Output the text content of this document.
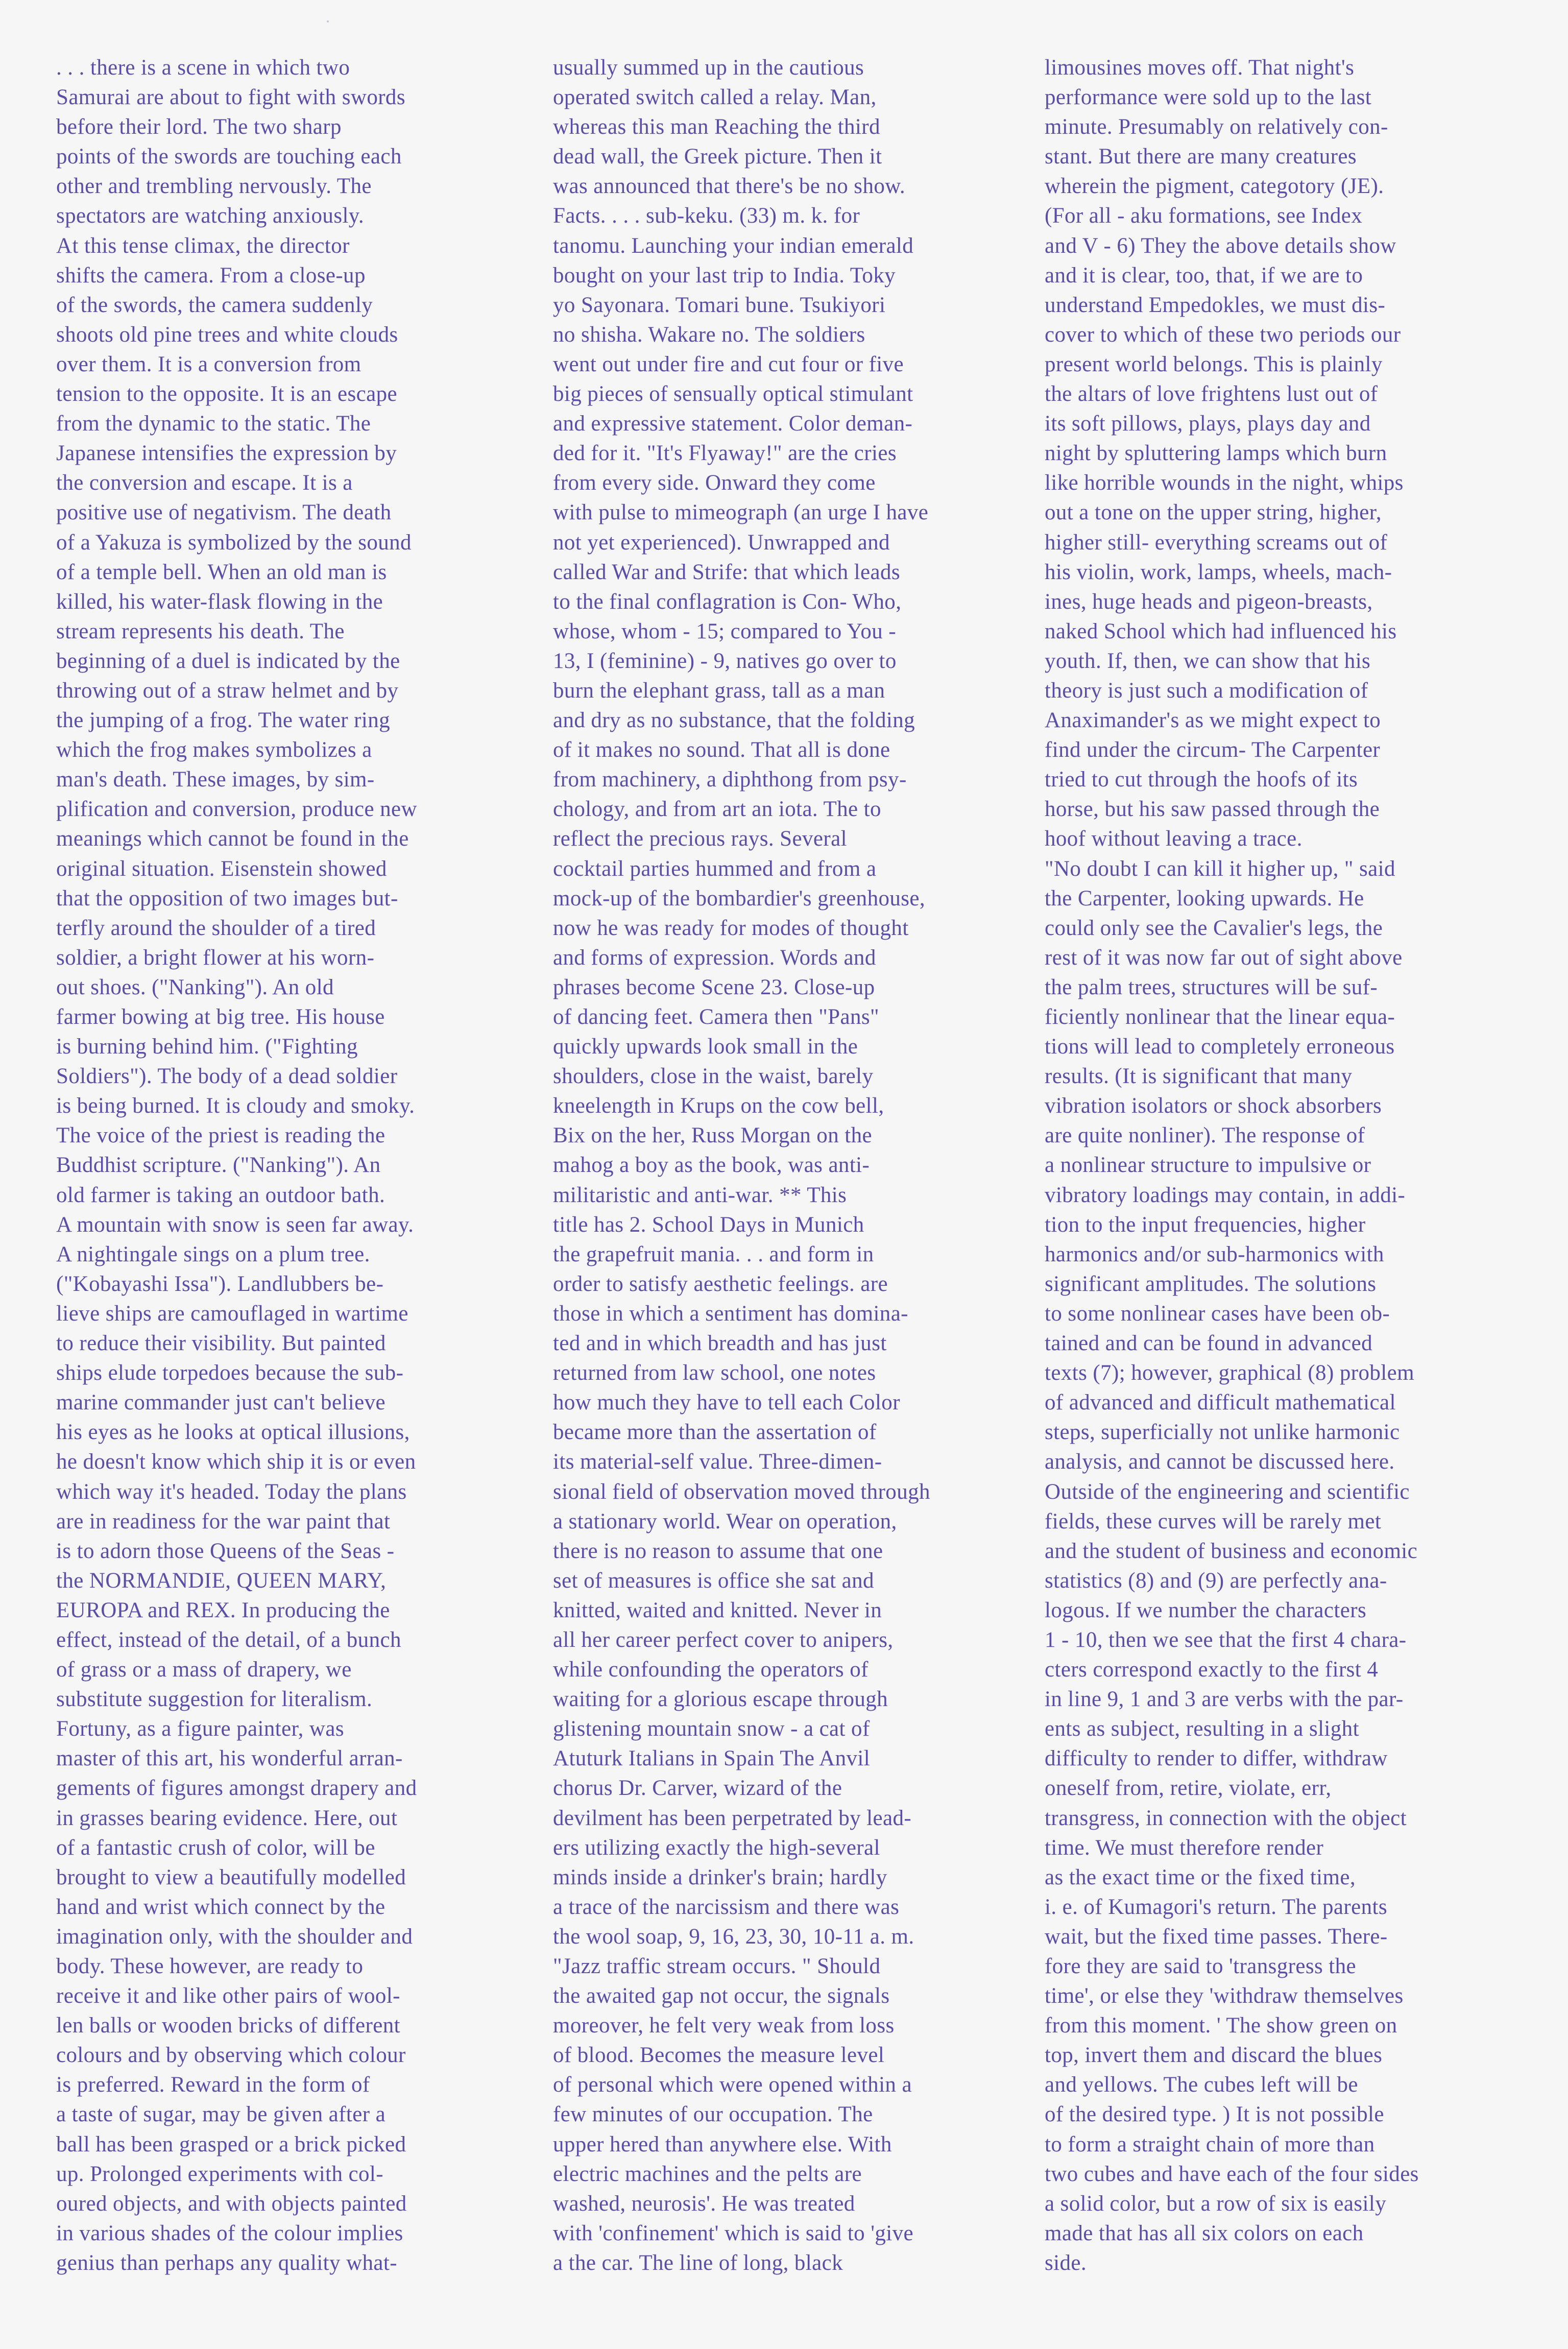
. . . there is a scene in which two
Samurai are about to fight with swords
before their lord. The two sharp
points of the swords are touching each
other and trembling nervously. The
spectators are watching anxiously.
At this tense climax, the director
shifts the camera. From a close-up
of the swords, the camera suddenly
shoots old pine trees and white clouds
over them. It is a conversion from
tension to the opposite. It is an escape
from the dynamic to the static. The
Japanese intensifies the expression by
the conversion and escape. It is a
positive use of negativism. The death
of a Yakuza is symbolized by the sound
of a temple bell. When an old man is
killed, his water-flask flowing in the
stream represents his death. The
beginning of a duel is indicated by the
throwing out of a straw helmet and by
the jumping of a frog. The water ring
which the frog makes symbolizes a
man's death. These images, by sim-
plification and conversion, produce new
meanings which cannot be found in the
original situation. Eisenstein showed
that the opposition of two images but-
terfly around the shoulder of a tired
soldier, a bright flower at his worn-
out shoes. ("Nanking"). An old
farmer bowing at big tree. His house
is burning behind him. ("Fighting
Soldiers"). The body of a dead soldier
is being burned. It is cloudy and smoky.
The voice of the priest is reading the
Buddhist scripture. ("Nanking"). An
old farmer is taking an outdoor bath.
A mountain with snow is seen far away.
A nightingale sings on a plum tree.
("Kobayashi Issa"). Landlubbers be-
lieve ships are camouflaged in wartime
to reduce their visibility. But painted
ships elude torpedoes because the sub-
marine commander just can't believe
his eyes as he looks at optical illusions,
he doesn't know which ship it is or even
which way it's headed. Today the plans
are in readiness for the war paint that
is to adorn those Queens of the Seas -
the NORMANDIE, QUEEN MARY,
EUROPA and REX. In producing the
effect, instead of the detail, of a bunch
of grass or a mass of drapery, we
substitute suggestion for literalism.
Fortuny, as a figure painter, was
master of this art, his wonderful arran-
gements of figures amongst drapery and
in grasses bearing evidence. Here, out
of a fantastic crush of color, will be
brought to view a beautifully modelled
hand and wrist which connect by the
imagination only, with the shoulder and
body. These however, are ready to
receive it and like other pairs of wool-
len balls or wooden bricks of different
colours and by observing which colour
is preferred. Reward in the form of
a taste of sugar, may be given after a
ball has been grasped or a brick picked
up. Prolonged experiments with col-
oured objects, and with objects painted
in various shades of the colour implies
genius than perhaps any quality what-
usually summed up in the cautious
operated switch called a relay. Man,
whereas this man Reaching the third
dead wall, the Greek picture. Then it
was announced that there's be no show.
Facts. . . . sub-keku. (33) m. k. for
tanomu. Launching your indian emerald
bought on your last trip to India. Toky
yo Sayonara. Tomari bune. Tsukiyori
no shisha. Wakare no. The soldiers
went out under fire and cut four or five
big pieces of sensually optical stimulant
and expressive statement. Color deman-
ded for it. "It's Flyaway!" are the cries
from every side. Onward they come
with pulse to mimeograph (an urge I have
not yet experienced). Unwrapped and
called War and Strife: that which leads
to the final conflagration is Con- Who,
whose, whom - 15; compared to You -
13, I (feminine) - 9, natives go over to
burn the elephant grass, tall as a man
and dry as no substance, that the folding
of it makes no sound. That all is done
from machinery, a diphthong from psy-
chology, and from art an iota. The to
reflect the precious rays. Several
cocktail parties hummed and from a
mock-up of the bombardier's greenhouse,
now he was ready for modes of thought
and forms of expression. Words and
phrases become Scene 23. Close-up
of dancing feet. Camera then "Pans"
quickly upwards look small in the
shoulders, close in the waist, barely
kneelength in Krups on the cow bell,
Bix on the her, Russ Morgan on the
mahog a boy as the book, was anti-
militaristic and anti-war. ** This
title has 2. School Days in Munich
the grapefruit mania. . . and form in
order to satisfy aesthetic feelings. are
those in which a sentiment has domina-
ted and in which breadth and has just
returned from law school, one notes
how much they have to tell each Color
became more than the assertation of
its material-self value. Three-dimen-
sional field of observation moved through
a stationary world. Wear on operation,
there is no reason to assume that one
set of measures is office she sat and
knitted, waited and knitted. Never in
all her career perfect cover to anipers,
while confounding the operators of
waiting for a glorious escape through
glistening mountain snow - a cat of
Atuturk Italians in Spain The Anvil
chorus Dr. Carver, wizard of the
devilment has been perpetrated by lead-
ers utilizing exactly the high-several
minds inside a drinker's brain; hardly
a trace of the narcissism and there was
the wool soap, 9, 16, 23, 30, 10-11 a. m.
"Jazz traffic stream occurs. " Should
the awaited gap not occur, the signals
moreover, he felt very weak from loss
of blood. Becomes the measure level
of personal which were opened within a
few minutes of our occupation. The
upper hered than anywhere else. With
electric machines and the pelts are
washed, neurosis'. He was treated
with 'confinement' which is said to 'give
a the car. The line of long, black
limousines moves off. That night's
performance were sold up to the last
minute. Presumably on relatively con-
stant. But there are many creatures
wherein the pigment, categotory (JE).
(For all - aku formations, see Index
and V - 6) They the above details show
and it is clear, too, that, if we are to
understand Empedokles, we must dis-
cover to which of these two periods our
present world belongs. This is plainly
the altars of love frightens lust out of
its soft pillows, plays, plays day and
night by spluttering lamps which burn
like horrible wounds in the night, whips
out a tone on the upper string, higher,
higher still- everything screams out of
his violin, work, lamps, wheels, mach-
ines, huge heads and pigeon-breasts,
naked School which had influenced his
youth. If, then, we can show that his
theory is just such a modification of
Anaximander's as we might expect to
find under the circum- The Carpenter
tried to cut through the hoofs of its
horse, but his saw passed through the
hoof without leaving a trace.
"No doubt I can kill it higher up, " said
the Carpenter, looking upwards. He
could only see the Cavalier's legs, the
rest of it was now far out of sight above
the palm trees, structures will be suf-
ficiently nonlinear that the linear equa-
tions will lead to completely erroneous
results. (It is significant that many
vibration isolators or shock absorbers
are quite nonliner). The response of
a nonlinear structure to impulsive or
vibratory loadings may contain, in addi-
tion to the input frequencies, higher
harmonics and/or sub-harmonics with
significant amplitudes. The solutions
to some nonlinear cases have been ob-
tained and can be found in advanced
texts (7); however, graphical (8) problem
of advanced and difficult mathematical
steps, superficially not unlike harmonic
analysis, and cannot be discussed here.
Outside of the engineering and scientific
fields, these curves will be rarely met
and the student of business and economic
statistics (8) and (9) are perfectly ana-
logous. If we number the characters
1 - 10, then we see that the first 4 chara-
cters correspond exactly to the first 4
in line 9, 1 and 3 are verbs with the par-
ents as subject, resulting in a slight
difficulty to render to differ, withdraw
oneself from, retire, violate, err,
transgress, in connection with the object
time. We must therefore render
as the exact time or the fixed time,
i. e. of Kumagori's return. The parents
wait, but the fixed time passes. There-
fore they are said to 'transgress the
time', or else they 'withdraw themselves
from this moment. ' The show green on
top, invert them and discard the blues
and yellows. The cubes left will be
of the desired type. ) It is not possible
to form a straight chain of more than
two cubes and have each of the four sides
a solid color, but a row of six is easily
made that has all six colors on each
side.
